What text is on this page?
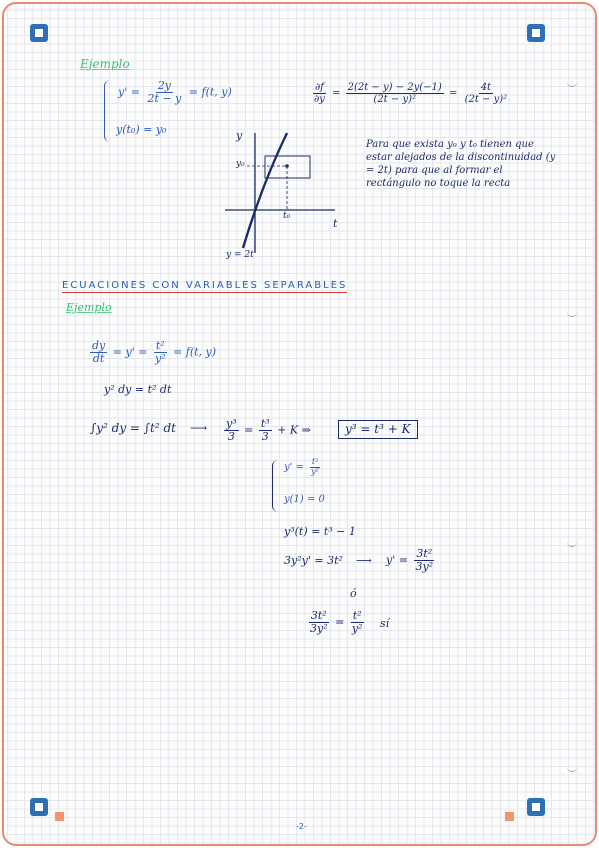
Ejemplo
$y' = \frac{2y}{2t - y} = f(t$, y)
y(t₀) = y₀
$\frac{\partial f}{\partial y} = \frac{2(2t - y) - 2y(-1)}{\text{(2t − y)²}} = \frac{4t}{\text{(2t − y)²}}$
y
t
y₀
t₀
y = 2t
Para que exista y₀ y t₀ tienen que estar alejados de la discontinuidad (y = 2t) para que al formar el rectángulo no toque la recta
ECUACIONES CON VARIABLES SEPARABLES
Ejemplo
$\frac{dy}{dt} = y' = \frac{\text{t²}}{\text{y²}} = f(t$, y)
y² dy = t² dt
∫y² dy = ∫t² dt ⟶ $\frac{\text{y³}}{3} = \frac{\text{t³}}{3} + K$ ⇒	y³ = t³ + K
$y' = \frac{\text{t²}}{\text{y²}}$
y(1) = 0
y³(t) = t³ − 1
3y²y' = 3t² ⟶ $y' = \frac{\text{3t²}}{\text{3y²}}$
ó
$\frac{\text{3t²}}{\text{3y²}} = \frac{\text{t²}}{\text{y²}}$ sí
-2-
